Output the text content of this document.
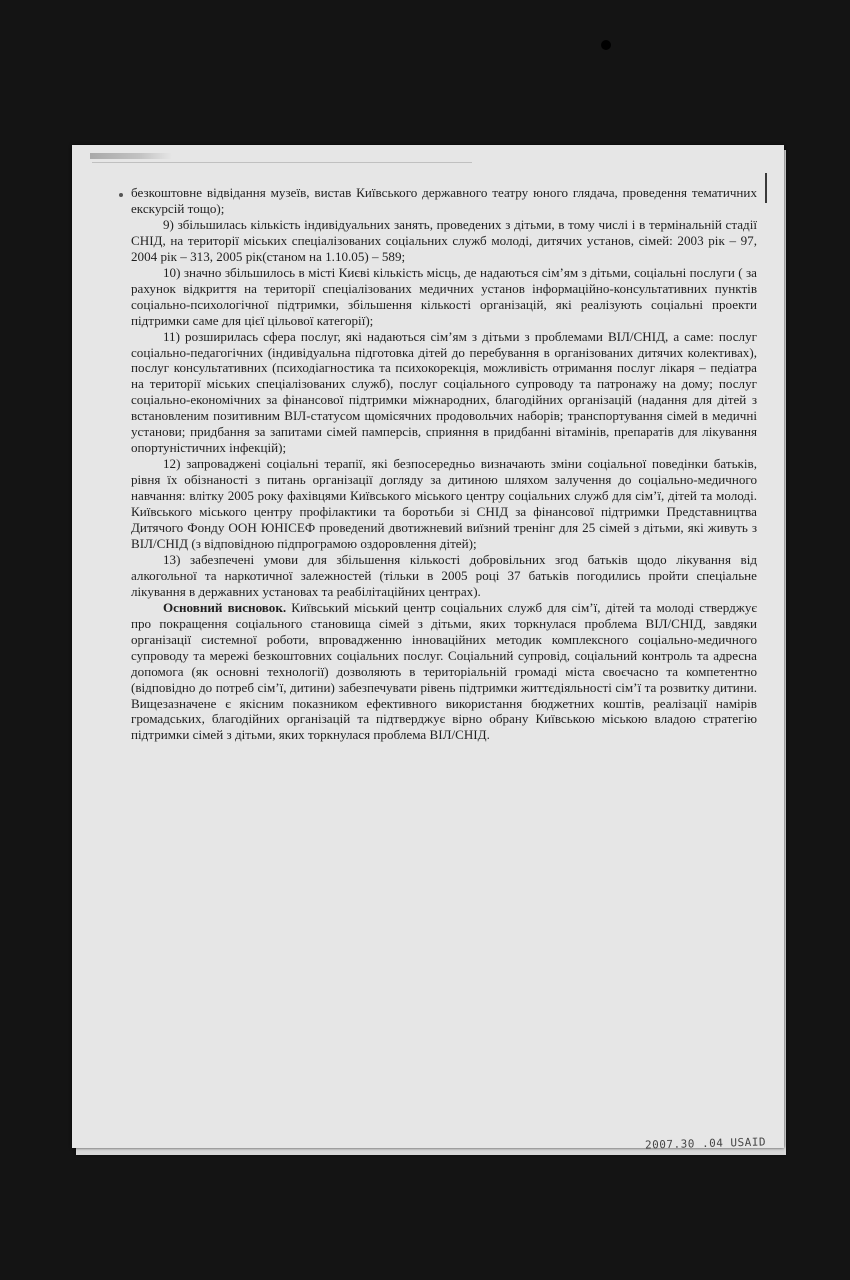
безкоштовне відвідання музеїв, вистав Київського державного театру юного глядача, проведення тематичних екскурсій тощо);

9) збільшилась кількість індивідуальних занять, проведених з дітьми, в тому числі і в термінальній стадії СНІД, на території міських спеціалізованих соціальних служб молоді, дитячих установ, сімей: 2003 рік – 97, 2004 рік – 313, 2005 рік(станом на 1.10.05) – 589;

10) значно збільшилось в місті Києві кількість місць, де надаються сім’ям з дітьми, соціальні послуги ( за рахунок відкриття на території спеціалізованих медичних установ інформаційно-консультативних пунктів соціально-психологічної підтримки, збільшення кількості організацій, які реалізують соціальні проекти підтримки саме для цієї цільової категорії);

11) розширилась сфера послуг, які надаються сім’ям з дітьми з проблемами ВІЛ/СНІД, а саме: послуг соціально-педагогічних (індивідуальна підготовка дітей до перебування в організованих дитячих колективах), послуг консультативних (психодіагностика та психокорекція, можливість отримання послуг лікаря – педіатра на території міських спеціалізованих служб), послуг соціального супроводу та патронажу на дому; послуг соціально-економічних за фінансової підтримки міжнародних, благодійних організацій (надання для дітей з встановленим позитивним ВІЛ-статусом щомісячних продовольчих наборів; транспортування сімей в медичні установи; придбання за запитами сімей памперсів, сприяння в придбанні вітамінів, препаратів для лікування опортуністичних інфекцій);

12) запроваджені соціальні терапії, які безпосередньо визначають зміни соціальної поведінки батьків, рівня їх обізнаності з питань організації догляду за дитиною шляхом залучення до соціально-медичного навчання: влітку 2005 року фахівцями Київського міського центру соціальних служб для сім’ї, дітей та молоді. Київського міського центру профілактики та боротьби зі СНІД за фінансової підтримки Представництва Дитячого Фонду ООН ЮНІСЕФ проведений двотижневий виїзний тренінг для 25 сімей з дітьми, які живуть з ВІЛ/СНІД (з відповідною підпрограмою оздоровлення дітей);

13) забезпечені умови для збільшення кількості добровільних згод батьків щодо лікування від алкогольної та наркотичної залежностей (тільки в 2005 році 37 батьків погодились пройти спеціальне лікування в державних установах та реабілітаційних центрах).

Основний висновок. Київський міський центр соціальних служб для сім’ї, дітей та молоді стверджує про покращення соціального становища сімей з дітьми, яких торкнулася проблема ВІЛ/СНІД, завдяки організації системної роботи, впровадженню інноваційних методик комплексного соціально-медичного супроводу та мережі безкоштовних соціальних послуг. Соціальний супровід, соціальний контроль та адресна допомога (як основні технології) дозволяють в територіальній громаді міста своєчасно та компетентно (відповідно до потреб сім’ї, дитини) забезпечувати рівень підтримки життєдіяльності сім’ї та розвитку дитини. Вищезазначене є якісним показником ефективного використання бюджетних коштів, реалізації намірів громадських, благодійних організацій та підтверджує вірно обрану Київською міською владою стратегію підтримки сімей з дітьми, яких торкнулася проблема ВІЛ/СНІД.

2007.30 .04 USAID
